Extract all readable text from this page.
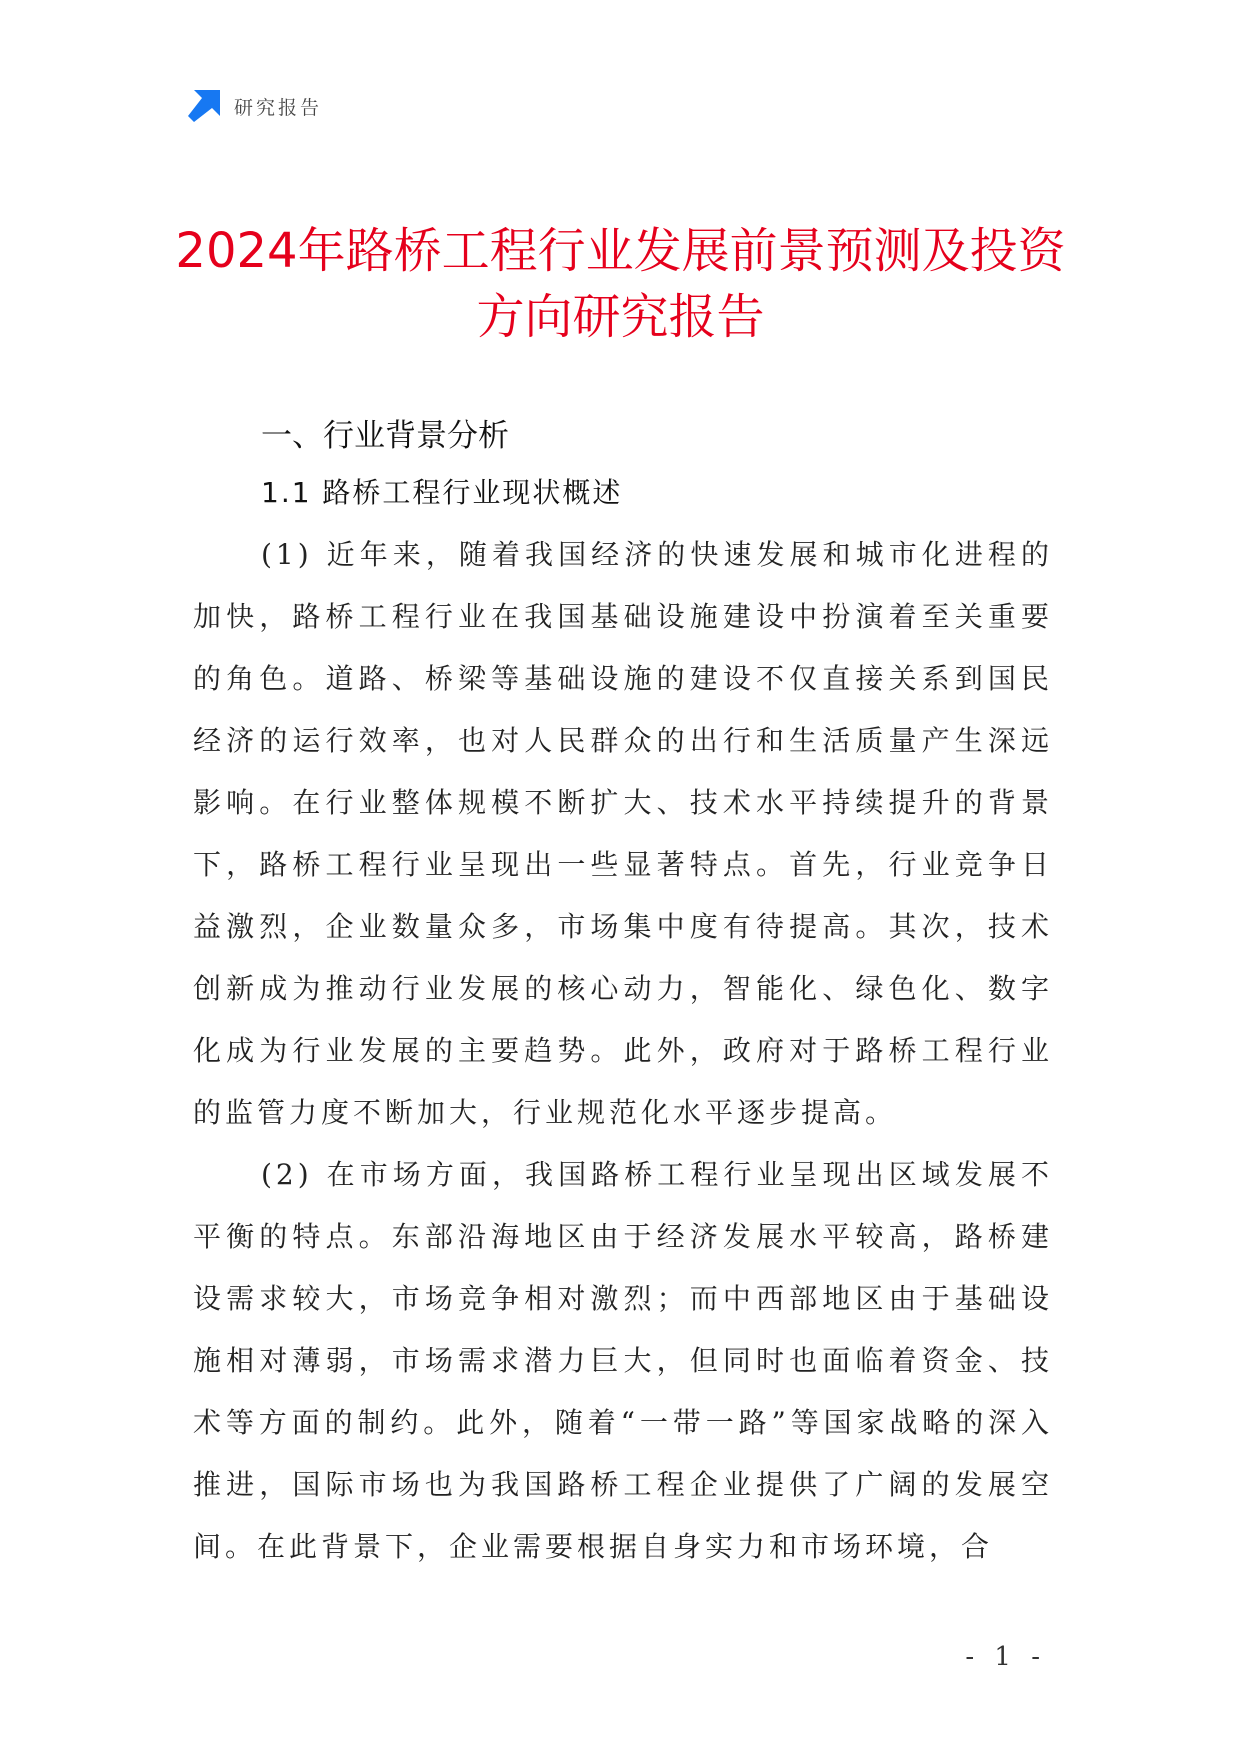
研究报告
2024年路桥工程行业发展前景预测及投资
方向研究报告
一、行业背景分析
1.1 路桥工程行业现状概述

(1) 近年来，随着我国经济的快速发展和城市化进程的加快，路桥工程行业在我国基础设施建设中扮演着至关重要的角色。道路、桥梁等基础设施的建设不仅直接关系到国民经济的运行效率，也对人民群众的出行和生活质量产生深远影响。在行业整体规模不断扩大、技术水平持续提升的背景下，路桥工程行业呈现出一些显著特点。首先，行业竞争日益激烈，企业数量众多，市场集中度有待提高。其次，技术创新成为推动行业发展的核心动力，智能化、绿色化、数字化成为行业发展的主要趋势。此外，政府对于路桥工程行业的监管力度不断加大，行业规范化水平逐步提高。

(2) 在市场方面，我国路桥工程行业呈现出区域发展不平衡的特点。东部沿海地区由于经济发展水平较高，路桥建设需求较大，市场竞争相对激烈；而中西部地区由于基础设施相对薄弱，市场需求潜力巨大，但同时也面临着资金、技术等方面的制约。此外，随着“一带一路”等国家战略的深入推进，国际市场也为我国路桥工程企业提供了广阔的发展空间。在此背景下，企业需要根据自身实力和市场环境，合

- 1 -
